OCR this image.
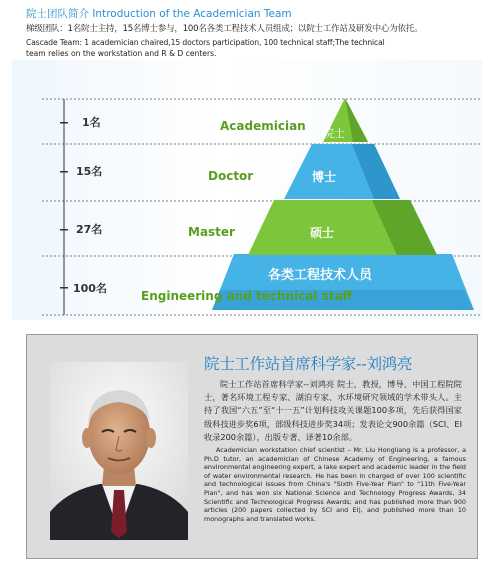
院士团队简介 Introduction of the Academician Team
梯级团队：1名院士主持，15名博士参与，100名各类工程技术人员组成；以院士工作站及研发中心为依托。
Cascade Team: 1 academician chaired,15 doctors participation, 100 technical staff;The technical
team relies on the workstation and R & D centers.
1名
15名
27名
100名
Academician
Doctor
Master
Engineering and technical staff
院士
博士
硕士
各类工程技术人员
院士工作站首席科学家--刘鸿亮
院士工作站首席科学家--刘鸿亮 院士，教授，博导、中国工程院院士，著名环境工程专家、湖泊专家、水环境研究领域的学术带头人。主持了我国“六五”至“十一五”计划科技攻关课题100多项，先后获得国家级科技进步奖6项，部级科技进步奖34项；发表论文900余篇（SCI、EI收录200余篇），出版专著、译著10余部。
Academician workstation chief scientist – Mr. Liu Hongliang is a professor, a Ph.D tutor, an academician of Chinese Academy of Engineering, a famous environmental engineering expert, a lake expert and academic leader in the field of water environmental research. He has been in charged of over 100 scientific and technological issues from China's "Sixth Five-Year Plan" to "11th Five-Year Plan", and has won six National Science and Technology Progress Awards, 34 Scientific and Technological Progress Awards; and has published more than 900 articles (200 papers collected by SCI and EI), and published more than 10 monographs and translated works.
